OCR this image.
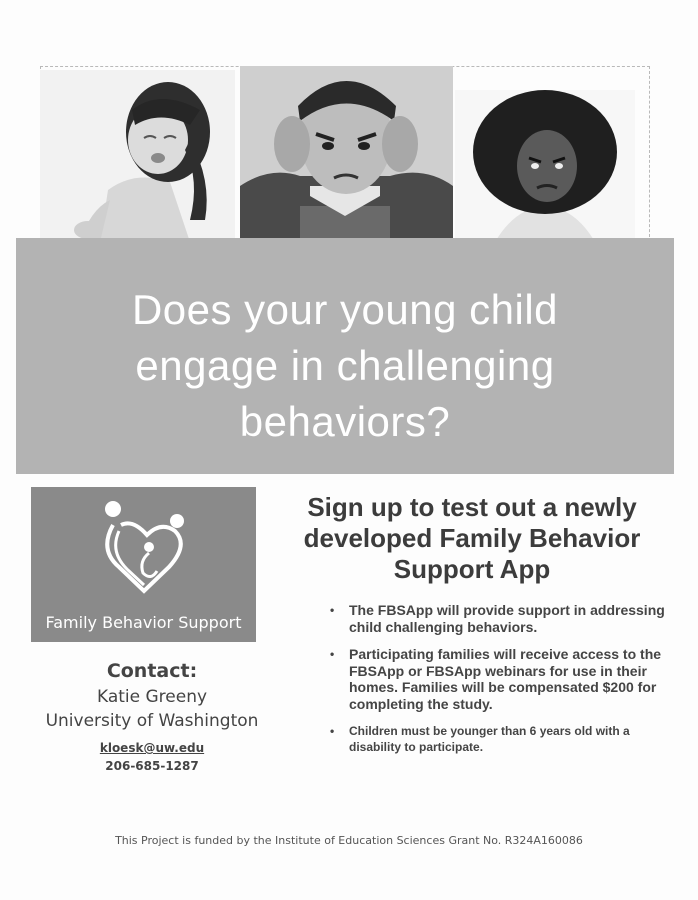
Does your young child
engage in challenging
behaviors?
Family Behavior Support
Contact:
Katie Greeny
University of Washington
kloesk@uw.edu
206-685-1287
Sign up to test out a newly
developed Family Behavior
Support App
• The FBSApp will provide support in addressing child challenging behaviors.
• Participating families will receive access to the FBSApp or FBSApp webinars for use in their homes. Families will be compensated $200 for completing the study.
• Children must be younger than 6 years old with a disability to participate.
This Project is funded by the Institute of Education Sciences Grant No. R324A160086
